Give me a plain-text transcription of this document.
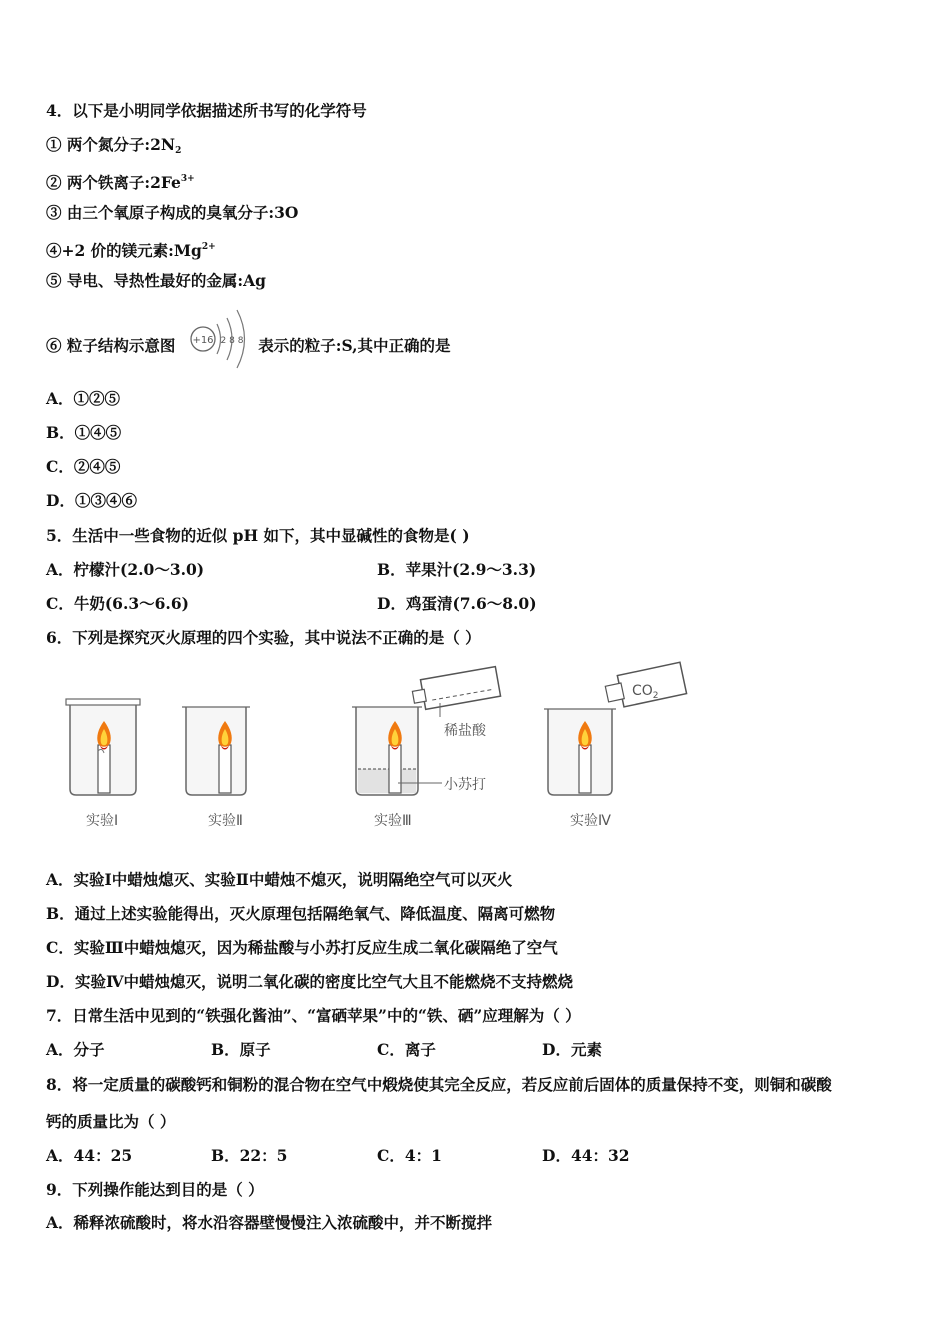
4．以下是小明同学依据描述所书写的化学符号
① 两个氮分子$:2N_2$
② 两个铁离子$:2Fe^{3+}$
③ 由三个氧原子构成的臭氧分子:3O
④+2 价的镁元素$:Mg^{2+}$
⑤ 导电、导热性最好的金属:Ag
⑥ 粒子结构示意图	表示的粒子:S,其中正确的是
+16 2 8 8
A．①②⑤
B．①④⑤
C．②④⑤
D．①③④⑥
5．生活中一些食物的近似 pH 如下，其中显碱性的食物是( )
A．柠檬汁(2.0～3.0)	B．苹果汁(2.9～3.3)
C．牛奶(6.3～6.6)	D．鸡蛋清(7.6～8.0)
6．下列是探究灭火原理的四个实验，其中说法不正确的是（ ）
稀盐酸
小苏打
$CO_2$
实验Ⅰ	实验Ⅱ	实验Ⅲ	实验Ⅳ
A．实验Ⅰ中蜡烛熄灭、实验Ⅱ中蜡烛不熄灭，说明隔绝空气可以灭火
B．通过上述实验能得出，灭火原理包括隔绝氧气、降低温度、隔离可燃物
C．实验Ⅲ中蜡烛熄灭，因为稀盐酸与小苏打反应生成二氧化碳隔绝了空气
D．实验Ⅳ中蜡烛熄灭，说明二氧化碳的密度比空气大且不能燃烧不支持燃烧
7．日常生活中见到的“铁强化酱油”、“富硒苹果”中的“铁、硒”应理解为（ ）
A．分子	B．原子	C．离子	D．元素
8．将一定质量的碳酸钙和铜粉的混合物在空气中煅烧使其完全反应，若反应前后固体的质量保持不变，则铜和碳酸
钙的质量比为（ ）
A．44：25	B．22：5	C．4：1	D．44：32
9．下列操作能达到目的是（ ）
A．稀释浓硫酸时，将水沿容器壁慢慢注入浓硫酸中，并不断搅拌
